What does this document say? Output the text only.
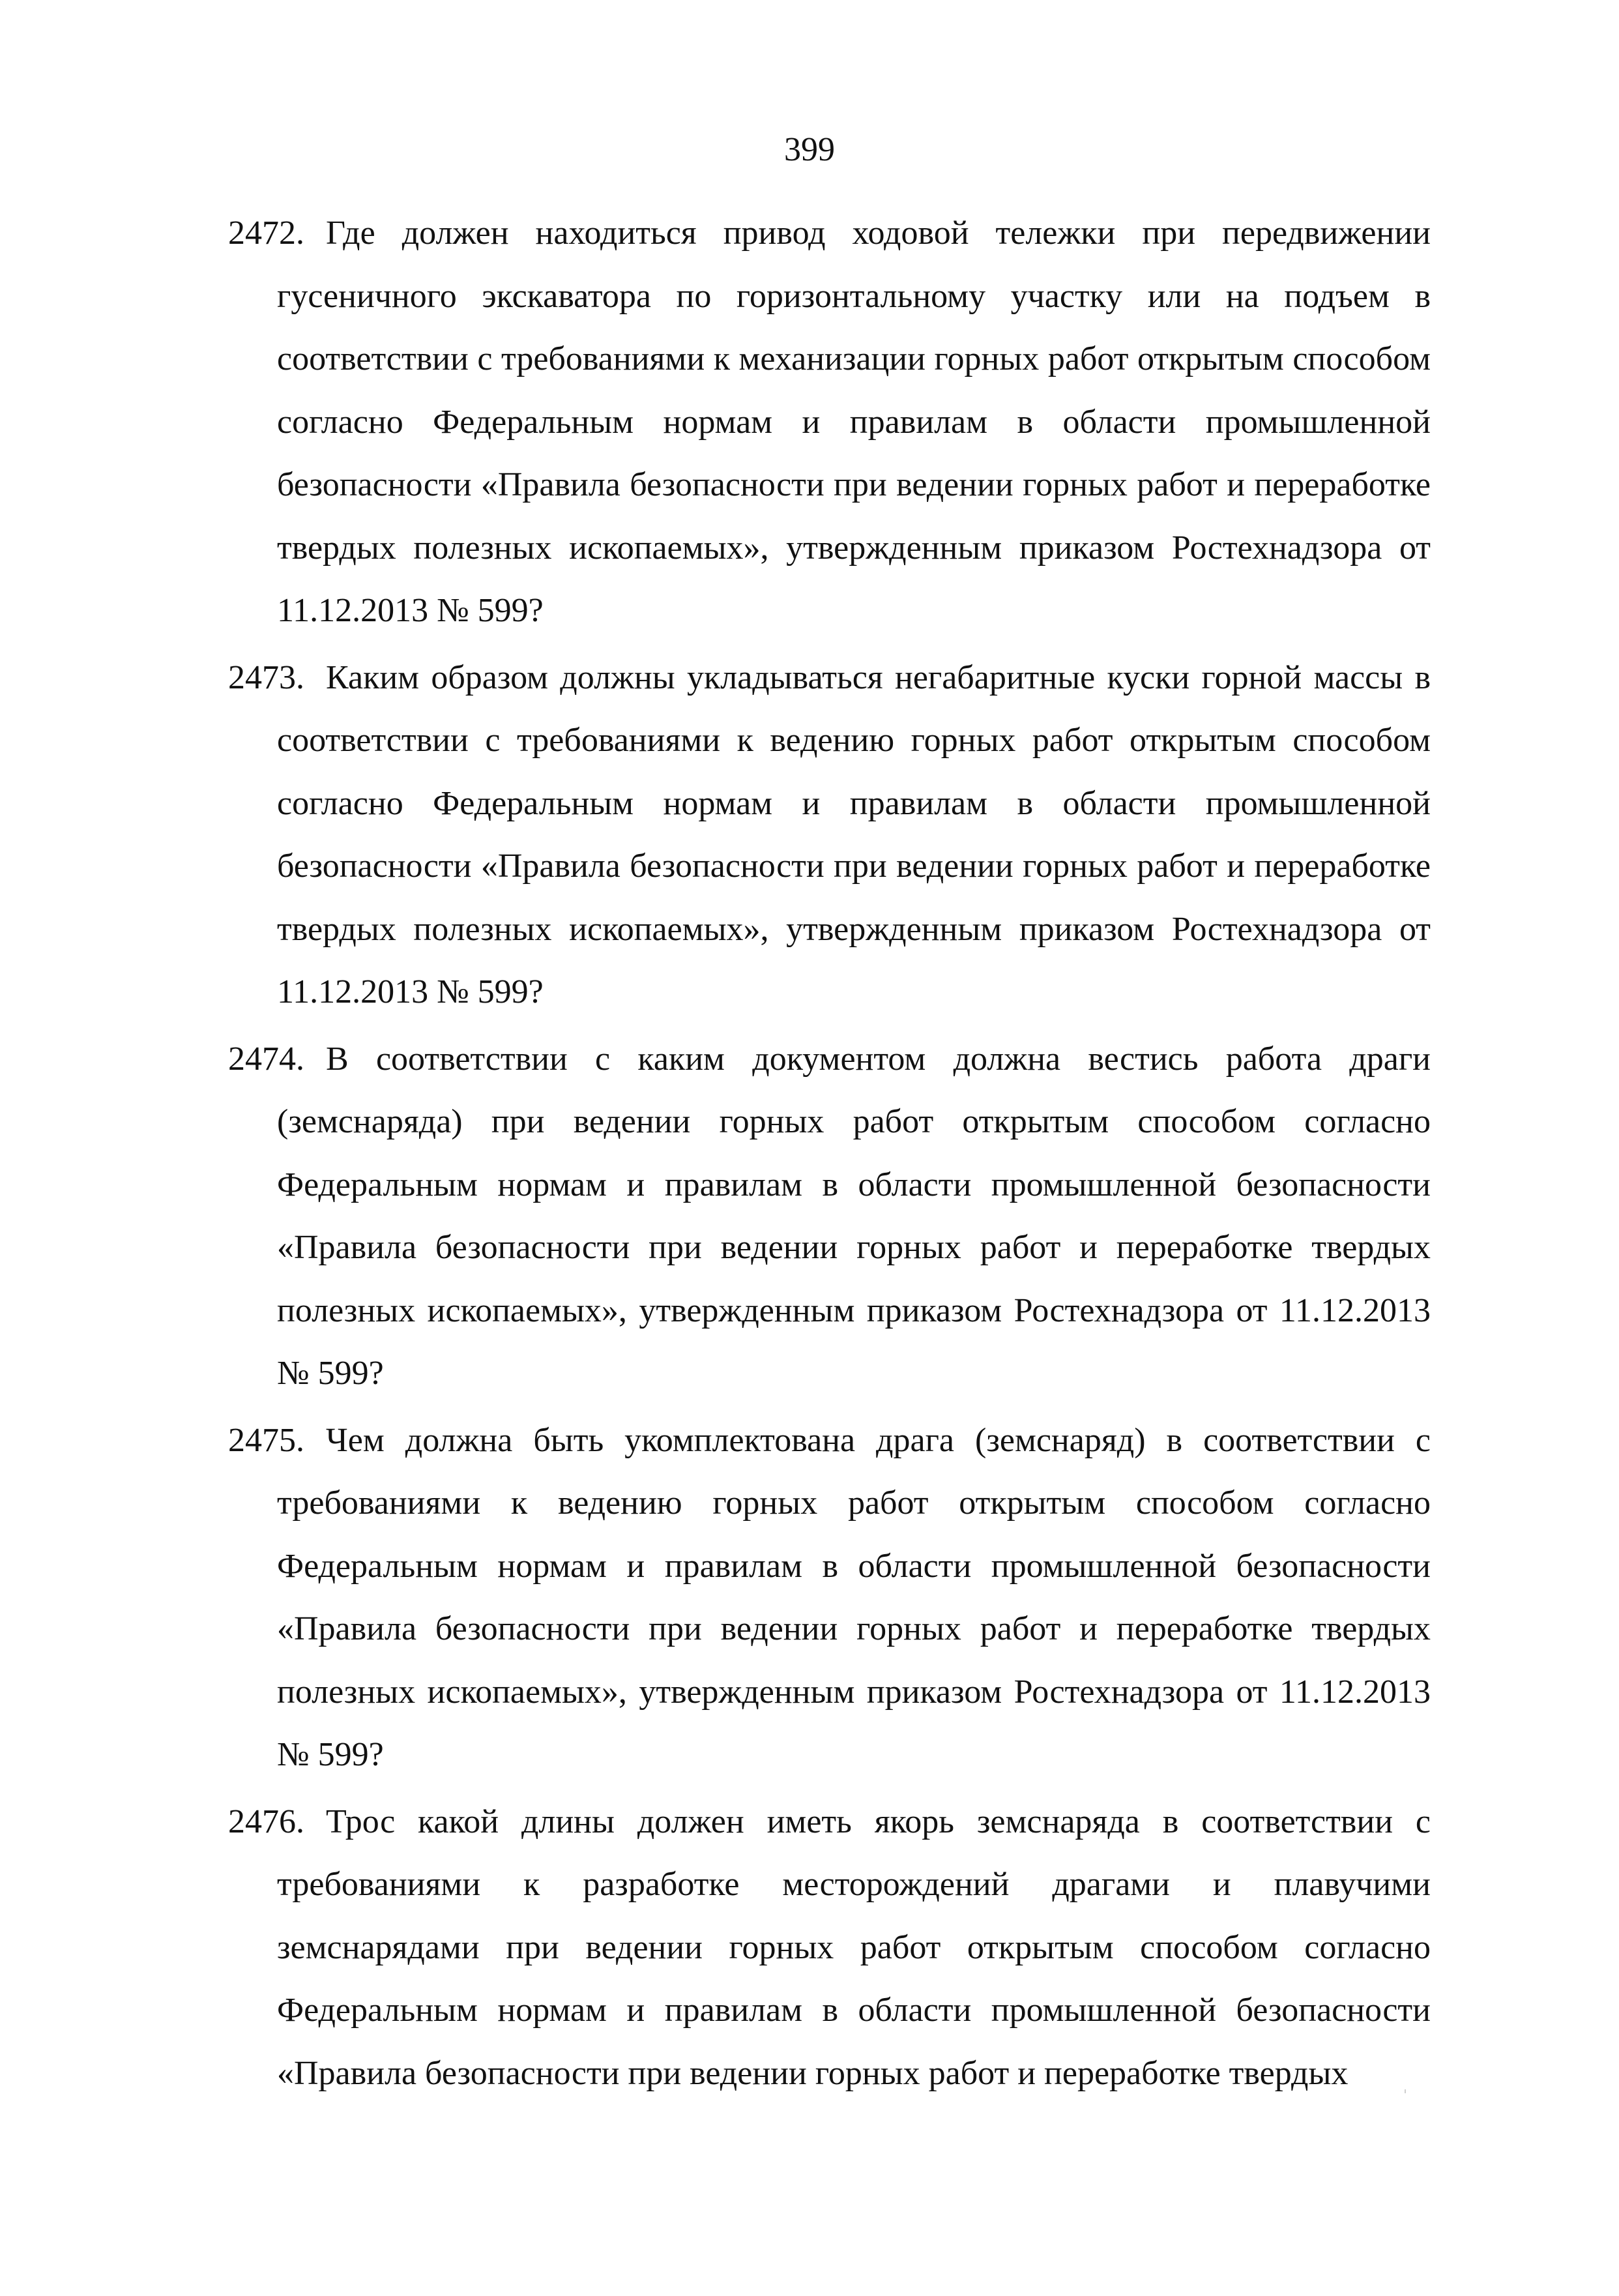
399
2472. Где должен находиться привод ходовой тележки при передвижении гусеничного экскаватора по горизонтальному участку или на подъем в соответствии с требованиями к механизации горных работ открытым способом согласно Федеральным нормам и правилам в области промышленной безопасности «Правила безопасности при ведении горных работ и переработке твердых полезных ископаемых», утвержденным приказом Ростехнадзора от 11.12.2013 № 599?
2473. Каким образом должны укладываться негабаритные куски горной массы в соответствии с требованиями к ведению горных работ открытым способом согласно Федеральным нормам и правилам в области промышленной безопасности «Правила безопасности при ведении горных работ и переработке твердых полезных ископаемых», утвержденным приказом Ростехнадзора от 11.12.2013 № 599?
2474. В соответствии с каким документом должна вестись работа драги (земснаряда) при ведении горных работ открытым способом согласно Федеральным нормам и правилам в области промышленной безопасности «Правила безопасности при ведении горных работ и переработке твердых полезных ископаемых», утвержденным приказом Ростехнадзора от 11.12.2013 № 599?
2475. Чем должна быть укомплектована драга (земснаряд) в соответствии с требованиями к ведению горных работ открытым способом согласно Федеральным нормам и правилам в области промышленной безопасности «Правила безопасности при ведении горных работ и переработке твердых полезных ископаемых», утвержденным приказом Ростехнадзора от 11.12.2013 № 599?
2476. Трос какой длины должен иметь якорь земснаряда в соответствии с требованиями к разработке месторождений драгами и плавучими земснарядами при ведении горных работ открытым способом согласно Федеральным нормам и правилам в области промышленной безопасности «Правила безопасности при ведении горных работ и переработке твердых
